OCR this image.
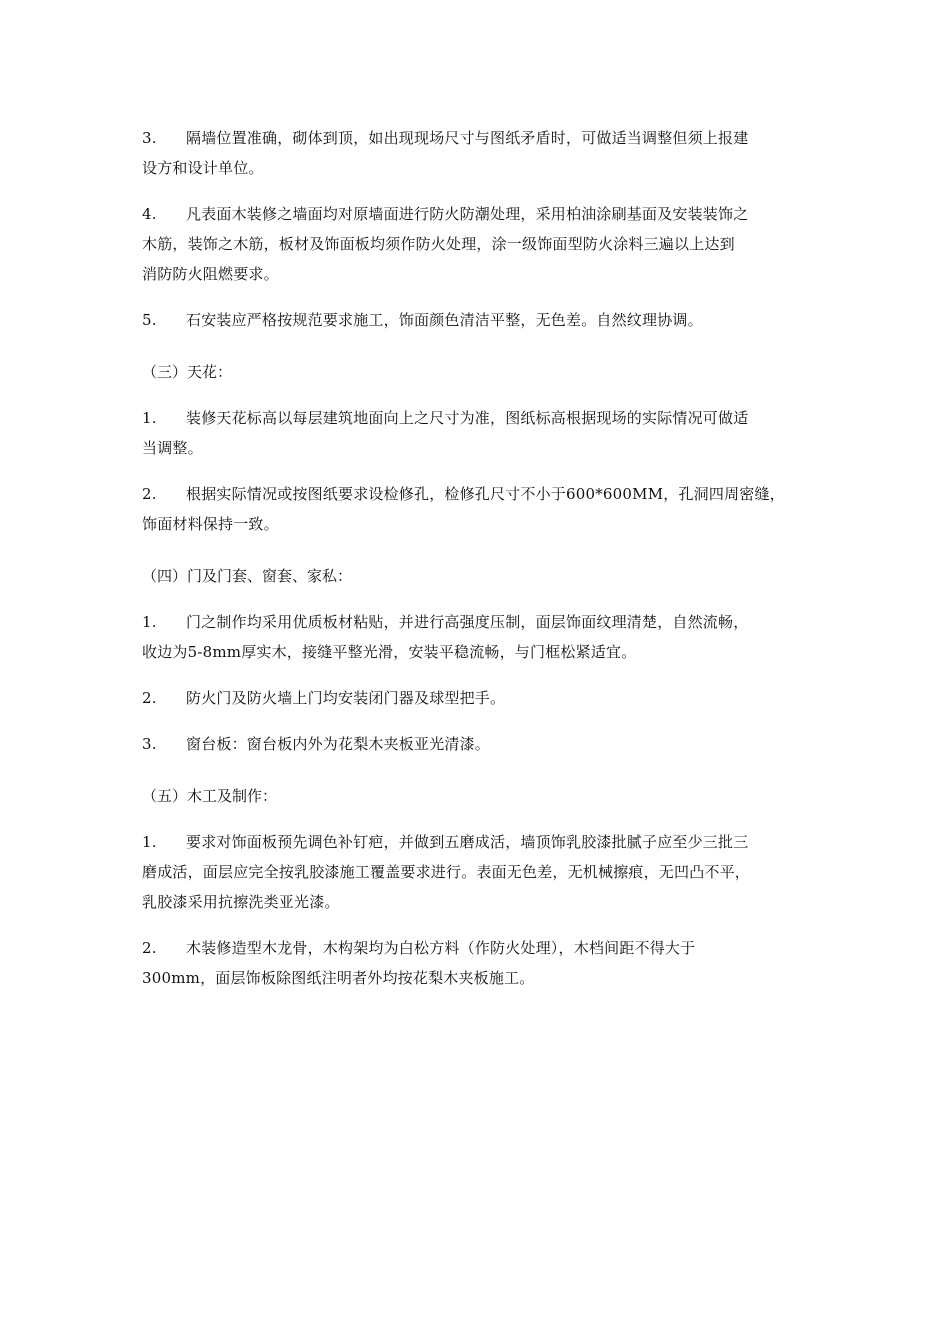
3. 隔墙位置准确，砌体到顶，如出现现场尺寸与图纸矛盾时，可做适当调整但须上报建
设方和设计单位。
4. 凡表面木装修之墙面均对原墙面进行防火防潮处理，采用柏油涂刷基面及安装装饰之
木筋，装饰之木筋，板材及饰面板均须作防火处理，涂一级饰面型防火涂料三遍以上达到
消防防火阻燃要求。
5. 石安装应严格按规范要求施工，饰面颜色清洁平整，无色差。自然纹理协调。
（三）天花：
1. 装修天花标高以每层建筑地面向上之尺寸为准，图纸标高根据现场的实际情况可做适
当调整。
2. 根据实际情况或按图纸要求设检修孔，检修孔尺寸不小于600*600MM，孔洞四周密缝，
饰面材料保持一致。
（四）门及门套、窗套、家私：
1. 门之制作均采用优质板材粘贴，并进行高强度压制，面层饰面纹理清楚，自然流畅，
收边为5-8mm厚实木，接缝平整光滑，安装平稳流畅，与门框松紧适宜。
2. 防火门及防火墙上门均安装闭门器及球型把手。
3. 窗台板：窗台板内外为花梨木夹板亚光清漆。
（五）木工及制作：
1. 要求对饰面板预先调色补钉疤，并做到五磨成活，墙顶饰乳胶漆批腻子应至少三批三
磨成活，面层应完全按乳胶漆施工覆盖要求进行。表面无色差，无机械擦痕，无凹凸不平，
乳胶漆采用抗擦洗类亚光漆。
2. 木装修造型木龙骨，木构架均为白松方料（作防火处理），木档间距不得大于
300mm，面层饰板除图纸注明者外均按花梨木夹板施工。
